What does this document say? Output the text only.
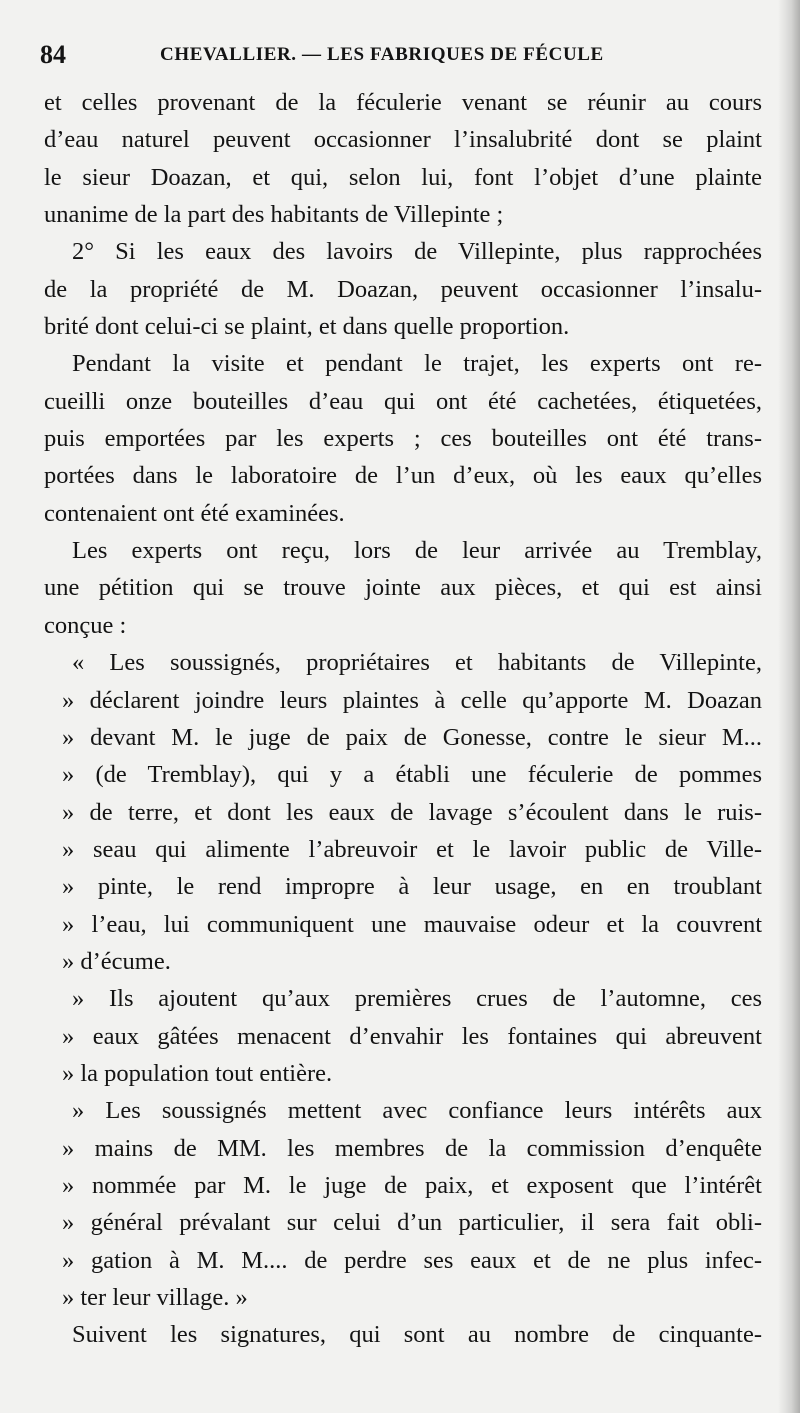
84	CHEVALLIER. — LES FABRIQUES DE FÉCULE
et celles provenant de la féculerie venant se réunir au cours
d’eau naturel peuvent occasionner l’insalubrité dont se plaint
le sieur Doazan, et qui, selon lui, font l’objet d’une plainte
unanime de la part des habitants de Villepinte ;
2° Si les eaux des lavoirs de Villepinte, plus rapprochées
de la propriété de M. Doazan, peuvent occasionner l’insalu-
brité dont celui-ci se plaint, et dans quelle proportion.
Pendant la visite et pendant le trajet, les experts ont re-
cueilli onze bouteilles d’eau qui ont été cachetées, étiquetées,
puis emportées par les experts ; ces bouteilles ont été trans-
portées dans le laboratoire de l’un d’eux, où les eaux qu’elles
contenaient ont été examinées.
Les experts ont reçu, lors de leur arrivée au Tremblay,
une pétition qui se trouve jointe aux pièces, et qui est ainsi
conçue :
« Les soussignés, propriétaires et habitants de Villepinte,
» déclarent joindre leurs plaintes à celle qu’apporte M. Doazan
» devant M. le juge de paix de Gonesse, contre le sieur M...
» (de Tremblay), qui y a établi une féculerie de pommes
» de terre, et dont les eaux de lavage s’écoulent dans le ruis-
» seau qui alimente l’abreuvoir et le lavoir public de Ville-
» pinte, le rend impropre à leur usage, en en troublant
» l’eau, lui communiquent une mauvaise odeur et la couvrent
» d’écume.
» Ils ajoutent qu’aux premières crues de l’automne, ces
» eaux gâtées menacent d’envahir les fontaines qui abreuvent
» la population tout entière.
» Les soussignés mettent avec confiance leurs intérêts aux
» mains de MM. les membres de la commission d’enquête
» nommée par M. le juge de paix, et exposent que l’intérêt
» général prévalant sur celui d’un particulier, il sera fait obli-
» gation à M. M.... de perdre ses eaux et de ne plus infec-
» ter leur village. »
Suivent les signatures, qui sont au nombre de cinquante-
